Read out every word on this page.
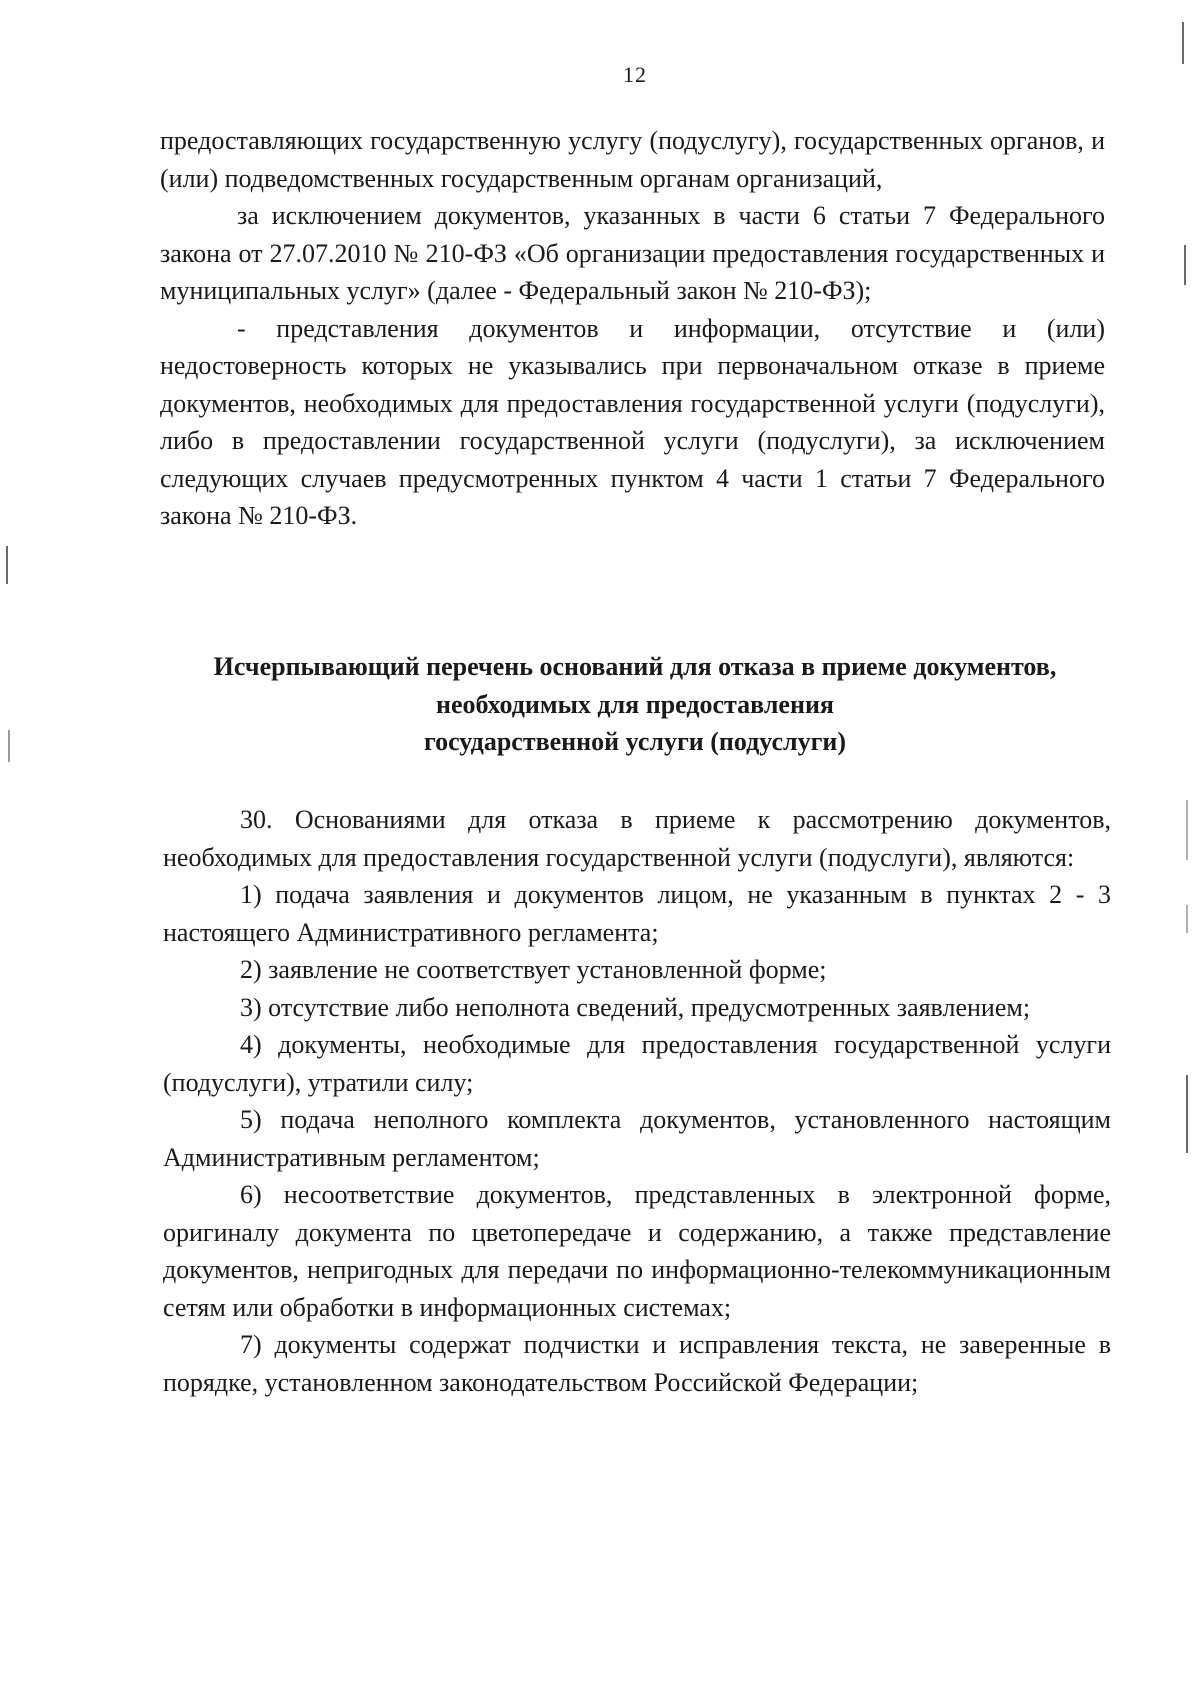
12

предоставляющих государственную услугу (подуслугу), государственных органов, и (или) подведомственных государственным органам организаций,

за исключением документов, указанных в части 6 статьи 7 Федерального закона от 27.07.2010 № 210-ФЗ «Об организации предоставления государственных и муниципальных услуг» (далее - Федеральный закон № 210-ФЗ);

- представления документов и информации, отсутствие и (или) недостоверность которых не указывались при первоначальном отказе в приеме документов, необходимых для предоставления государственной услуги (подуслуги), либо в предоставлении государственной услуги (подуслуги), за исключением следующих случаев предусмотренных пунктом 4 части 1 статьи 7 Федерального закона № 210-ФЗ.

Исчерпывающий перечень оснований для отказа в приеме документов,
необходимых для предоставления
государственной услуги (подуслуги)

30. Основаниями для отказа в приеме к рассмотрению документов, необходимых для предоставления государственной услуги (подуслуги), являются:

1) подача заявления и документов лицом, не указанным в пунктах 2 - 3 настоящего Административного регламента;

2) заявление не соответствует установленной форме;

3) отсутствие либо неполнота сведений, предусмотренных заявлением;

4) документы, необходимые для предоставления государственной услуги (подуслуги), утратили силу;

5) подача неполного комплекта документов, установленного настоящим Административным регламентом;

6) несоответствие документов, представленных в электронной форме, оригиналу документа по цветопередаче и содержанию, а также представление документов, непригодных для передачи по информационно-телекоммуникационным сетям или обработки в информационных системах;

7) документы содержат подчистки и исправления текста, не заверенные в порядке, установленном законодательством Российской Федерации;
